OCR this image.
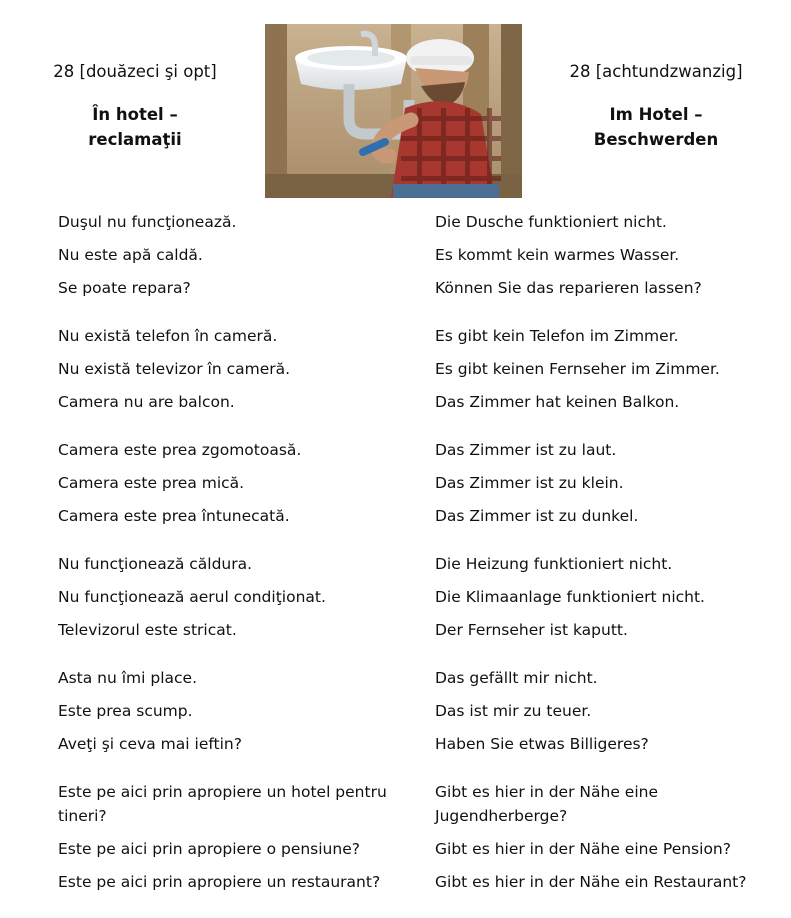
28 [douăzeci şi opt]
În hotel –
reclamaţii
28 [achtundzwanzig]
Im Hotel –
Beschwerden
Duşul nu funcţionează.
Nu este apă caldă.
Se poate repara?
Nu există telefon în cameră.
Nu există televizor în cameră.
Camera nu are balcon.
Camera este prea zgomotoasă.
Camera este prea mică.
Camera este prea întunecată.
Nu funcţionează căldura.
Nu funcţionează aerul condiţionat.
Televizorul este stricat.
Asta nu îmi place.
Este prea scump.
Aveţi şi ceva mai ieftin?
Este pe aici prin apropiere un hotel pentru tineri?
Este pe aici prin apropiere o pensiune?
Este pe aici prin apropiere un restaurant?
Die Dusche funktioniert nicht.
Es kommt kein warmes Wasser.
Können Sie das reparieren lassen?
Es gibt kein Telefon im Zimmer.
Es gibt keinen Fernseher im Zimmer.
Das Zimmer hat keinen Balkon.
Das Zimmer ist zu laut.
Das Zimmer ist zu klein.
Das Zimmer ist zu dunkel.
Die Heizung funktioniert nicht.
Die Klimaanlage funktioniert nicht.
Der Fernseher ist kaputt.
Das gefällt mir nicht.
Das ist mir zu teuer.
Haben Sie etwas Billigeres?
Gibt es hier in der Nähe eine Jugendherberge?
Gibt es hier in der Nähe eine Pension?
Gibt es hier in der Nähe ein Restaurant?
